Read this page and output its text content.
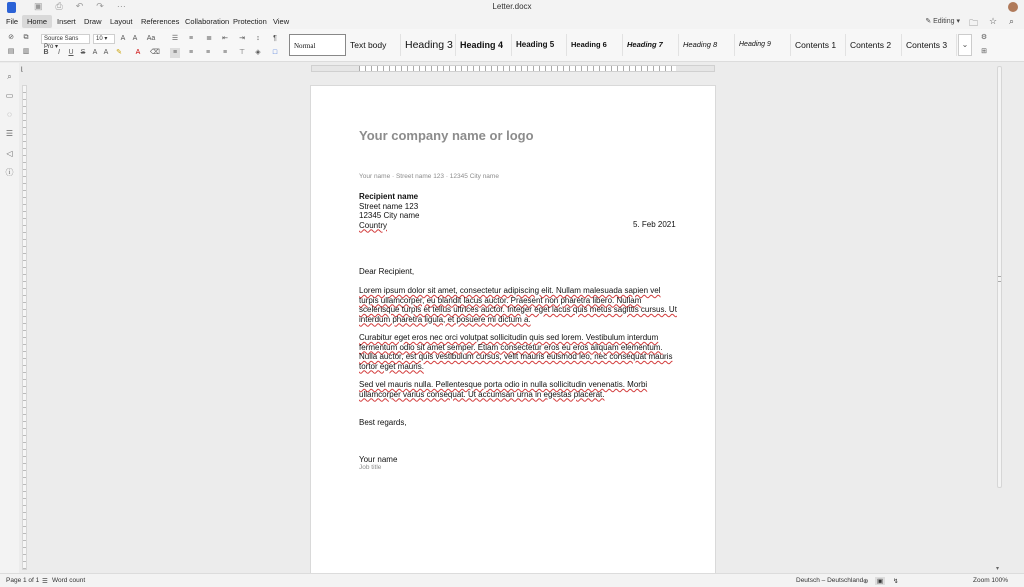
▣ ⎙ ↶ ↷ ⋯	Letter.docx
File	Home	Insert	Draw	Layout	References Collaboration Protection View	✎ Editing ▾ 🗀 ☆ ⌕
⊘	⧉
▤ ▥
Source Sans Pro ▾
10 ▾	A	A	Aa
B	I	U	S	A A	✎	A	⌫
☰	≡	≣ ⇤ ⇥	↕	¶
≡	≡	≡	≡	⊤	◈	□
Normal	Text body	Heading 3 Heading 4	Heading 5	Heading 6	Heading 7	Heading 8	Heading 9	Contents 1	Contents 2	Contents 3
⚙
⊞
⌄
⌕
▭
◌
☰
◁
ⓘ
⌊
Your company name or logo
Your name · Street name 123 · 12345 City name
Recipient name
Street name 123
12345 City name
Country	5. Feb 2021
Dear Recipient,
Lorem ipsum dolor sit amet, consectetur adipiscing elit. Nullam malesuada sapien vel turpis ullamcorper, eu blandit lacus auctor. Praesent non pharetra libero. Nullam scelerisque turpis et tellus ultrices auctor. Integer eget lacus quis metus sagittis cursus. Ut interdum pharetra ligula, et posuere mi dictum a.
Curabitur eget eros nec orci volutpat sollicitudin quis sed lorem. Vestibulum interdum fermentum odio sit amet semper. Etiam consectetur eros eu eros aliquam elementum. Nulla auctor, est quis vestibulum cursus, velit mauris euismod leo, nec consequat mauris tortor eget mauris.
Sed vel mauris nulla. Pellentesque porta odio in nulla sollicitudin venenatis. Morbi ullamcorper varius consequat. Ut accumsan urna in egestas placerat.
Best regards,
Your name
Job title
▾
Page 1 of 1 ☰ Word count	Deutsch – Deutschland ⊕	▣	↯	Zoom 100%
